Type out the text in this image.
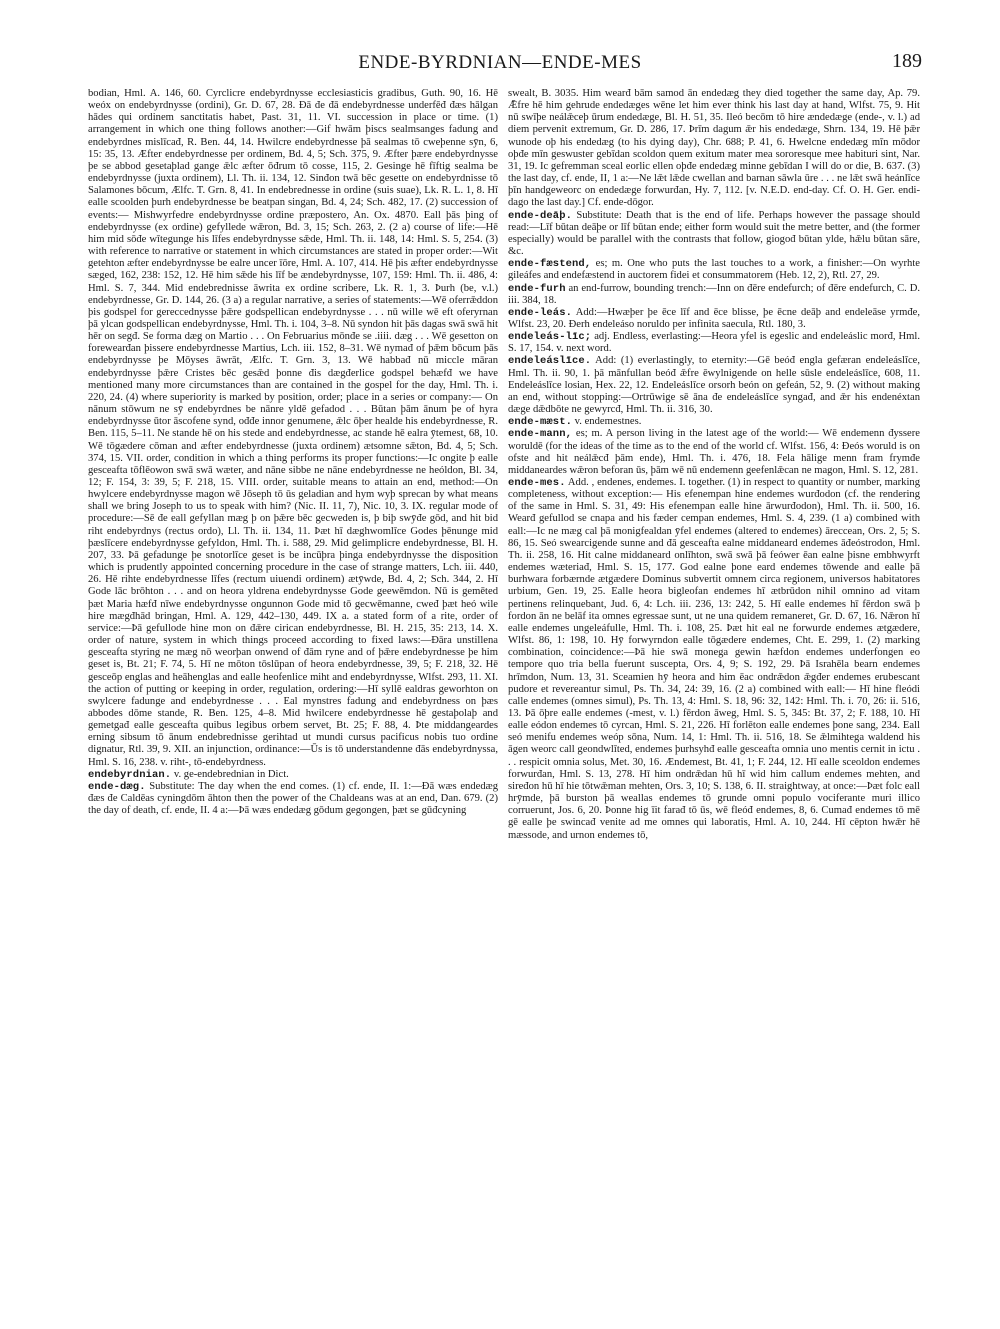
ENDE-BYRDNIAN—ENDE-MES	189

bodian, Hml. A. 146, 60. Cyrclicre endebyrdnysse ecclesiasticis gradibus, Guth. 90, 16. Hē weóx on endebyrdnysse (ordini), Gr. D. 67, 28. Đā đe đā endebyrdnesse underfēđ đæs hālgan hādes qui ordinem sanctitatis habet, Past. 31, 11. VI. succession in place or time. (1) arrangement in which one thing follows another:—Gif hwām þiscs sealmsanges fadung and endebyrdnes mislīcađ, R. Ben. 44, 14. Hwilcre endebyrdnesse þā sealmas tō cweþenne sȳn, 6, 15: 35, 13. Æfter endebyrdnesse per ordinem, Bd. 4, 5; Sch. 375, 9. Æfter þære endebyrdnysse þe se abbod gesetaþlad gange ǣlc æfter ōđrum tō cosse, 115, 2. Gesinge hē fīftig sealma be endebyrdnysse (juxta ordinem), Ll. Th. ii. 134, 12. Sinđon twā bēc gesette on endebyrdnisse tō Salamones bōcum, Ælfc. T. Grn. 8, 41. In endebrednesse in ordine (suis suae), Lk. R. L. 1, 8. Hī ealle scoolden þurh endebyrdnesse be beatpan singan, Bd. 4, 24; Sch. 482, 17. (2) succession of events:— Mishwyrfedre endebyrdnysse ordine præpostero, An. Ox. 4870. Eall þās þing of endebyrdnysse (ex ordine) gefyllede wǣron, Bd. 3, 15; Sch. 263, 2. (2 a) course of life:—Hē him mid sōđe wītegunge his līfes endebyrdnysse sǣde, Hml. Th. ii. 148, 14: Hml. S. 5, 254. (3) with reference to narrative or statement in which circumstances are stated in proper order:—Wit getehton æfter endebyrdnysse be ealre uncer īōre, Hml. A. 107, 414. Hē þis æfter endebyrdnysse sæged, 162, 238: 152, 12. Hē him sǣde his līf be ændebyrdnysse, 107, 159: Hml. Th. ii. 486, 4: Hml. S. 7, 344. Mid endebrednisse āwrita ex ordine scribere, Lk. R. 1, 3. Þurh (be, v.l.) endebyrdnesse, Gr. D. 144, 26. (3 a) a regular narrative, a series of statements:—Wē oferrǣddon þis godspel for gereccednysse þǣre godspellican endebyrdnysse . . . nū wille wē eft oferyrnan þā ylcan godspellican endebyrdnysse, Hml. Th. i. 104, 3–8. Nū syndon hit þās dagas swā swā hit hēr on segđ. Se forma dæg on Martio . . . On Februarius mōnđe se .iiii. dæg . . . Wē gesetton on forewearđan þissere endebyrdnesse Martius, Lch. iii. 152, 8–31. Wē nymađ of þǣm bōcum þās endebyrdnysse þe Mōyses āwrāt, Ælfc. T. Grn. 3, 13. Wē habbađ nū miccle māran endebyrdnysse þǣre Cristes bēc gesǣd þonne đis dægđerlice godspel behæfđ we have mentioned many more circumstances than are contained in the gospel for the day, Hml. Th. i. 220, 24. (4) where superiority is marked by position, order; place in a series or company:— On nānum stōwum ne sȳ endebyrdnes be nānre yldē gefadod . . . Būtan þām ānum þe of hyra endebyrdnysse ūtor āscofene synd, ođđe innor genumene, ǣlc ōþer healde his endebyrdnesse, R. Ben. 115, 5–11. Ne stande hē on his stede and endebyrdnesse, ac stande hē ealra ȳtemest, 68, 10. Wē tōgædere cōman and æfter endebyrdnesse (juxta ordinem) ætsomne sǣton, Bd. 4, 5; Sch. 374, 15. VII. order, condition in which a thing performs its proper functions:—Ic ongite þ ealle gesceafta tōflēowon swā swā wæter, and nāne sibbe ne nāne endebyrdnesse ne heóldon, Bl. 34, 12; F. 154, 3: 39, 5; F. 218, 15. VIII. order, suitable means to attain an end, method:—On hwylcere endebyrdnysse magon wē Jōseph tō ūs geladian and hym wyþ sprecan by what means shall we bring Joseph to us to speak with him? (Nic. II. 11, 7), Nic. 10, 3. IX. regular mode of procedure:—Sē đe eall gefyllan mæg þ on þǣre bēc gecweden is, þ biþ swȳđe gōd, and hit bid riht endebyrdnys (rectus ordo), Ll. Th. ii. 134, 11. Þæt hī dæghwomlīce Godes þēnunge mid þæslīcere endebyrdnysse gefyldon, Hml. Th. i. 588, 29. Mid gelimplicre endebyrdnesse, Bl. H. 207, 33. Þā gefadunge þe snotorlīce geset is be incūþra þinga endebyrdnysse the disposition which is prudently appointed concerning procedure in the case of strange matters, Lch. iii. 440, 26. Hē rihte endebyrdnesse līfes (rectum uiuendi ordinem) ætȳwde, Bd. 4, 2; Sch. 344, 2. Hī Gode lāc brōhton . . . and on heora yldrena endebyrdnysse Gode geewēmdon. Nū is gemēted þæt Maria hæfđ nīwe endebyrdnysse ongunnon Gode mid tō gecwēmanne, cweđ þæt heó wile hire mægđhād bringan, Hml. A. 129, 442–130, 449. IX a. a stated form of a rite, order of service:—Þā gefullode hine mon on đǣre cirican endebyrdnesse, Bl. H. 215, 35: 213, 14. X. order of nature, system in which things proceed according to fixed laws:—Đāra unstillena gesceafta styring ne mæg nō weorþan onwend of đām ryne and of þǣre endebyrdnesse þe him geset is, Bt. 21; F. 74, 5. Hī ne mōton tōslūpan of heora endebyrdnesse, 39, 5; F. 218, 32. Hē gesceōp englas and heāhenglas and ealle heofenlice miht and endebyrdnysse, Wlfst. 293, 11. XI. the action of putting or keeping in order, regulation, ordering:—Hī syllē ealdras geworhton on swylcere fadunge and endebyrdnesse . . . Eal mynstres fadung and endebyrdness on þæs abbodes dōme stande, R. Ben. 125, 4–8. Mid hwilcere endebyrdnesse hē gestaþolaþ and gemetgađ ealle gesceafta quibus legibus orbem servet, Bt. 25; F. 88, 4. Þte middangeardes erning sibsum tō ānum endebrednisse gerihtad ut mundi cursus pacificus nobis tuo ordine dignatur, Rtl. 39, 9. XII. an injunction, ordinance:—Ūs is tō understandenne đās endebyrdnyssa, Hml. S. 16, 238. v. riht-, tō-endebyrdness.

endebyrdnian. v. ge-endebrednian in Dict.

ende-dæg. Substitute: The day when the end comes. (1) cf. ende, II. 1:—Đā wæs endedæg đæs đe Caldēas cyningdōm āhton then the power of the Chaldeans was at an end, Dan. 679. (2) the day of death, cf. ende, II. 4 a:—Þā wæs endedæg gōdum gegongen, þæt se gūđcyning

swealt, B. 3035. Him wearđ bām samod ān endedæg they died together the same day, Ap. 79. Ǣfre hē him gehrude endedæges wēne let him ever think his last day at hand, Wlfst. 75, 9. Hit nū swīþe neálǣceþ ūrum endedæge, Bl. H. 51, 35. Ileó becōm tō hire ændedæge (ende-, v. l.) ad diem pervenit extremum, Gr. D. 286, 17. Þrīm dagum ǣr his endedæge, Shrn. 134, 19. Hē þǣr wunode oþ his endedæg (to his dying day), Chr. 688; P. 41, 6. Hwelcne endedæg mīn mōdor oþđe mīn geswuster gebīdan scoldon quem exitum mater mea sororesque mee habituri sint, Nar. 31, 19. Ic gefremman sceal eorlic ellen oþđe endedæg minne gebīdan I will do or die, B. 637. (3) the last day, cf. ende, II, 1 a:—Ne lǣt lǣde cwellan and barnan sāwla ūre . . . ne lǣt swā heánlīce þīn handgeweorc on endedæge forwurđan, Hy. 7, 112. [v. N.E.D. end-day. Cf. O. H. Ger. endi-dago the last day.] Cf. ende-dōgor.

ende-deāþ. Substitute: Death that is the end of life. Perhaps however the passage should read:—Līf būtan deāþe or līf būtan ende; either form would suit the metre better, and (the former especially) would be parallel with the contrasts that follow, giogođ būtan ylde, hǣlu būtan sāre, &c.

ende-fæstend, es; m. One who puts the last touches to a work, a finisher:—On wyrhte gileáfes and endefæstend in auctorem fidei et consummatorem (Heb. 12, 2), Rtl. 27, 29.

ende-furh an end-furrow, bounding trench:—Inn on đēre endefurch; of đēre endefurch, C. D. iii. 384, 18.

ende-leás. Add:—Hwæþer þe ēce līf and ēce blisse, þe ēcne deāþ and endeleāse yrmđe, Wlfst. 23, 20. Đerh endeleáso noruldo per infinita saecula, Rtl. 180, 3.

endeleás-līc; adj. Endless, everlasting:—Heora yfel is egeslic and endeleáslic morđ, Hml. S. 17, 154. v. next word.

endeleáslīce. Add: (1) everlastingly, to eternity:—Gē beóđ engla gefæran endeleáslīce, Hml. Th. ii. 90, 1. þā mānfullan beóđ ǣfre ēwylnigende on helle sūsle endeleáslīce, 608, 11. Endeleáslīce losian, Hex. 22, 12. Endeleáslīce orsorh beón on gefeán, 52, 9. (2) without making an end, without stopping:—Ortrūwige sē āna đe endeleáslīce syngađ, and ǣr his endenéxtan dæge dǣdbōte ne gewyrcđ, Hml. Th. ii. 316, 30.

ende-mæst. v. endemestnes.

ende-mann, es; m. A person living in the latest age of the world:— Wē endemenn đyssere woruldē (for the ideas of the time as to the end of the world cf. Wlfst. 156, 4: Đeós woruld is on ofste and hit neálǣcđ þām ende), Hml. Th. i. 476, 18. Fela hālige menn fram frymđe middaneardes wǣron beforan ūs, þām wē nū endemenn geefenlǣcan ne magon, Hml. S. 12, 281.

ende-mes. Add. , endenes, endemes. I. together. (1) in respect to quantity or number, marking completeness, without exception:— His efenempan hine endemes wurđodon (cf. the rendering of the same in Hml. S. 31, 49: His efenempan ealle hine ārwurđodon), Hml. Th. ii. 500, 16. Wearđ gefullod se cnapa and his fæder cempan endemes, Hml. S. 4, 239. (1 a) combined with eall:—Ic ne mæg cal þā monigfealdan ȳfel endemes (altered to endemes) āreccean, Ors. 2, 5; S. 86, 15. Seó swearcigende sunne and đā gesceafta ealne middaneard endemes āđeóstrodon, Hml. Th. ii. 258, 16. Hit calne middaneard onlīhton, swā swā þā feówer ēan ealne þisne embhwyrft endemes wæteriađ, Hml. S. 15, 177. God ealne þone eard endemes tōwende and ealle þā burhwara forbærnde ætgædere Dominus subvertit omnem circa regionem, universos habitatores urbium, Gen. 19, 25. Ealle heora bigleofan endemes hī ætbrūdon nihil omnino ad vitam pertinens relinquebant, Jud. 6, 4: Lch. iii. 236, 13: 242, 5. Hī ealle endemes hī fērdon swā þ fordon ān ne belāf ita omnes egressae sunt, ut ne una quidem remaneret, Gr. D. 67, 16. Nǣron hī ealle endemes ungeleáfulle, Hml. Th. i. 108, 25. Þæt hit eal ne forwurde endemes ætgædere, Wlfst. 86, 1: 198, 10. Hȳ forwyrndon ealle tōgædere endemes, Cht. E. 299, 1. (2) marking combination, coincidence:—Þā hie swā monega gewin hæfdon endemes underfongen eo tempore quo tria bella fuerunt suscepta, Ors. 4, 9; S. 192, 29. Þā Israhēla bearn endemes hrīmdon, Num. 13, 31. Sceamien hȳ heora and him ēac ondrǣdon ǣgđer endemes erubescant pudore et revereantur simul, Ps. Th. 34, 24: 39, 16. (2 a) combined with eall:— Hī hine fleódi calle endemes (omnes simul), Ps. Th. 13, 4: Hml. S. 18, 96: 32, 142: Hml. Th. i. 70, 26: ii. 516, 13. Þā ōþre ealle endemes (-mest, v. l.) fērdon āweg, Hml. S. 5, 345: Bt. 37, 2; F. 188, 10. Hī ealle eódon endemes tō cyrcan, Hml. S. 21, 226. Hī forlēton ealle endemes þone sang, 234. Eall seó menifu endemes weóp sōna, Num. 14, 1: Hml. Th. ii. 516, 18. Se ǣlmihtega waldend his āgen weorc call geondwlīted, endemes þurhsyhđ ealle gesceafta omnia uno mentis cernit in ictu . . . respicit omnia solus, Met. 30, 16. Ændemest, Bt. 41, 1; F. 244, 12. Hī ealle sceoldon endemes forwurđan, Hml. S. 13, 278. Hī him ondrǣdan hū hī wid him callum endemes mehten, and siređon hū hī hie tōtwǣman mehten, Ors. 3, 10; S. 138, 6. II. straightway, at once:—Þæt folc eall hrȳmde, þā burston þā weallas endemes tō grunde omni populo vociferante muri illico corruerunt, Jos. 6, 20. Þonne hig īit farađ tō ūs, wē fleóđ endemes, 8, 6. Cumađ endemes tō mē gē ealle þe swincađ venite ad me omnes qui laboratis, Hml. A. 10, 244. Hī cēpton hwǣr hē mæssode, and urnon endemes tō,
